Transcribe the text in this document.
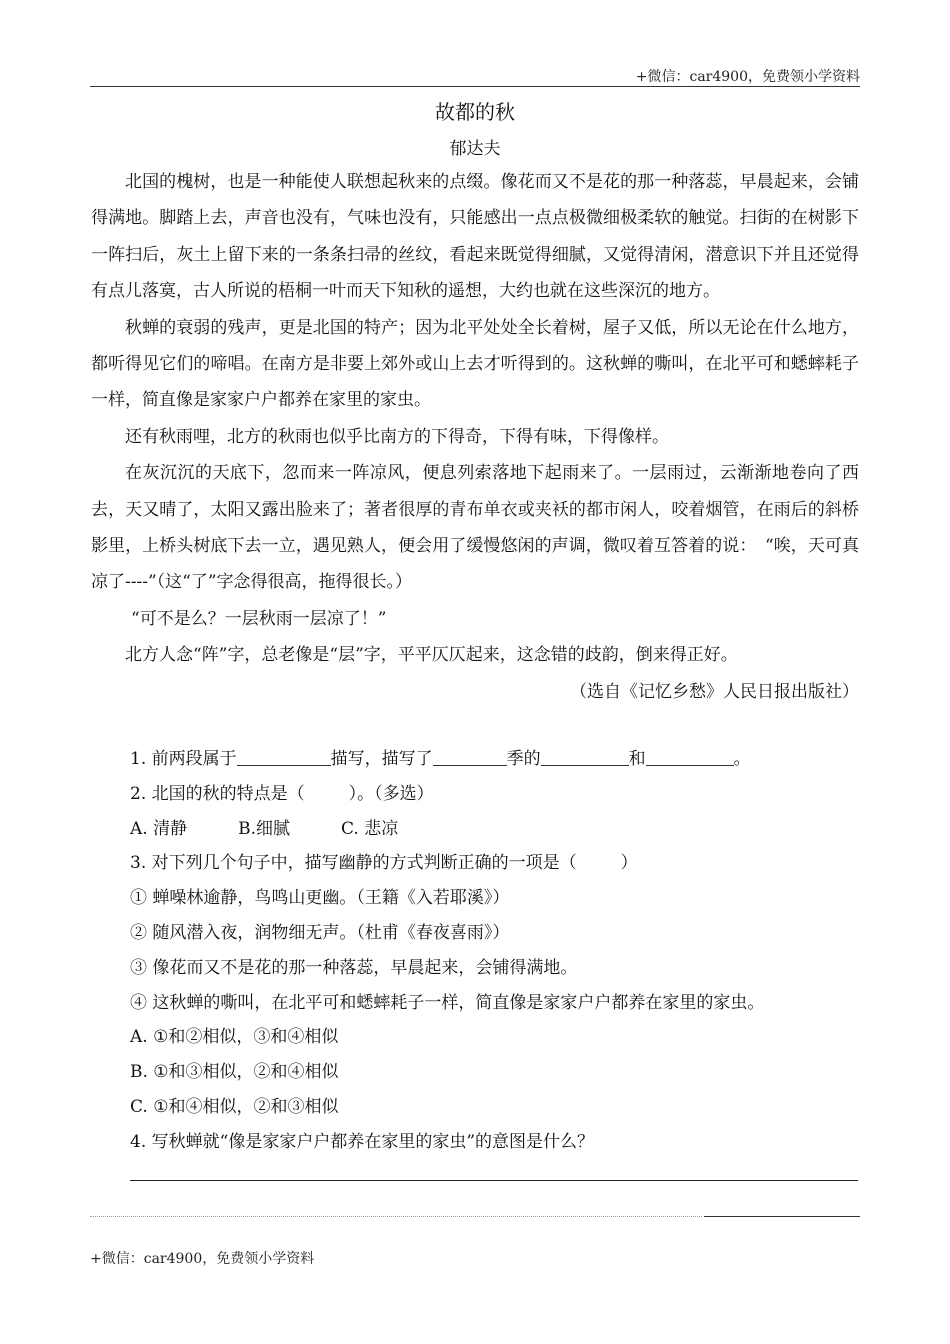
+微信：car4900，免费领小学资料
故都的秋
郁达夫

北国的槐树，也是一种能使人联想起秋来的点缀。像花而又不是花的那一种落蕊，早晨起来，会铺得满地。脚踏上去，声音也没有，气味也没有，只能感出一点点极微细极柔软的触觉。扫街的在树影下一阵扫后，灰土上留下来的一条条扫帚的丝纹，看起来既觉得细腻，又觉得清闲，潜意识下并且还觉得有点儿落寞，古人所说的梧桐一叶而天下知秋的遥想，大约也就在这些深沉的地方。

秋蝉的衰弱的残声，更是北国的特产；因为北平处处全长着树，屋子又低，所以无论在什么地方，都听得见它们的啼唱。在南方是非要上郊外或山上去才听得到的。这秋蝉的嘶叫，在北平可和蟋蟀耗子一样，简直像是家家户户都养在家里的家虫。

还有秋雨哩，北方的秋雨也似乎比南方的下得奇，下得有味，下得像样。

在灰沉沉的天底下，忽而来一阵凉风，便息列索落地下起雨来了。一层雨过，云渐渐地卷向了西去，天又晴了，太阳又露出脸来了；著者很厚的青布单衣或夹袄的都市闲人，咬着烟管，在雨后的斜桥影里，上桥头树底下去一立，遇见熟人，便会用了缓慢悠闲的声调，微叹着互答着的说：　“唉，天可真凉了----”（这“了”字念得很高，拖得很长。）

“可不是么？一层秋雨一层凉了！”

北方人念“阵”字，总老像是“层”字，平平仄仄起来，这念错的歧韵，倒来得正好。

（选自《记忆乡愁》人民日报出版社）

1. 前两段属于	描写，描写了	季的	和	。
2. 北国的秋的特点是（	）。（多选）
A. 清静　　　B.细腻　　　C. 悲凉
3. 对下列几个句子中，描写幽静的方式判断正确的一项是（	）
① 蝉噪林逾静，鸟鸣山更幽。（王籍《入若耶溪》）
② 随风潜入夜，润物细无声。（杜甫《春夜喜雨》）
③ 像花而又不是花的那一种落蕊，早晨起来，会铺得满地。
④ 这秋蝉的嘶叫，在北平可和蟋蟀耗子一样，简直像是家家户户都养在家里的家虫。
A. ①和②相似，③和④相似
B. ①和③相似，②和④相似
C. ①和④相似，②和③相似
4. 写秋蝉就“像是家家户户都养在家里的家虫”的意图是什么？
+微信：car4900，免费领小学资料
